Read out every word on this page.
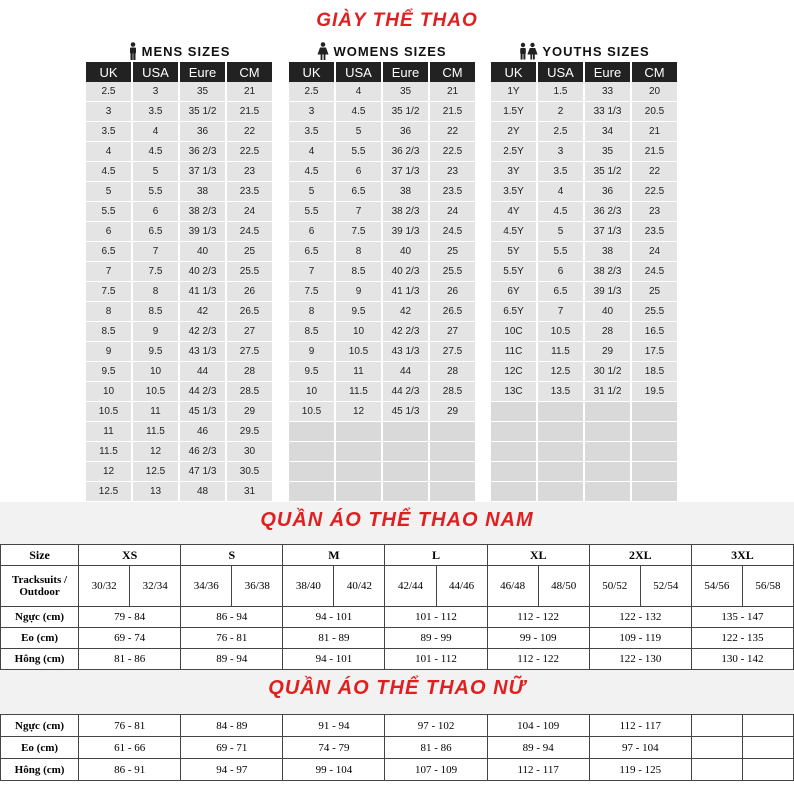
GIÀY THỂ THAO
MENS SIZES
UK	USA	Eure	CM
2.5	3	35	21
3	3.5	35 1/2	21.5
3.5	4	36	22
4	4.5	36 2/3	22.5
4.5	5	37 1/3	23
5	5.5	38	23.5
5.5	6	38 2/3	24
6	6.5	39 1/3	24.5
6.5	7	40	25
7	7.5	40 2/3	25.5
7.5	8	41 1/3	26
8	8.5	42	26.5
8.5	9	42 2/3	27
9	9.5	43 1/3	27.5
9.5	10	44	28
10	10.5	44 2/3	28.5
10.5	11	45 1/3	29
11	11.5	46	29.5
11.5	12	46 2/3	30
12	12.5	47 1/3	30.5
12.5	13	48	31

WOMENS SIZES
UK	USA	Eure	CM
2.5	4	35	21
3	4.5	35 1/2	21.5
3.5	5	36	22
4	5.5	36 2/3	22.5
4.5	6	37 1/3	23
5	6.5	38	23.5
5.5	7	38 2/3	24
6	7.5	39 1/3	24.5
6.5	8	40	25
7	8.5	40 2/3	25.5
7.5	9	41 1/3	26
8	9.5	42	26.5
8.5	10	42 2/3	27
9	10.5	43 1/3	27.5
9.5	11	44	28
10	11.5	44 2/3	28.5
10.5	12	45 1/3	29

YOUTHS SIZES
UK	USA	Eure	CM
1Y	1.5	33	20
1.5Y	2	33 1/3	20.5
2Y	2.5	34	21
2.5Y	3	35	21.5
3Y	3.5	35 1/2	22
3.5Y	4	36	22.5
4Y	4.5	36 2/3	23
4.5Y	5	37 1/3	23.5
5Y	5.5	38	24
5.5Y	6	38 2/3	24.5
6Y	6.5	39 1/3	25
6.5Y	7	40	25.5
10C	10.5	28	16.5
11C	11.5	29	17.5
12C	12.5	30 1/2	18.5
13C	13.5	31 1/2	19.5

QUẦN ÁO THỂ THAO NAM
Size	XS		S		M		L		XL		2XL		3XL	
Tracksuits / Outdoor	30/32	32/34	34/36	36/38	38/40	40/42	42/44	44/46	46/48	48/50	50/52	52/54	54/56	56/58
Ngực (cm)	79 - 84		86 - 94		94 - 101		101 - 112		112 - 122		122 - 132		135 - 147	
Eo (cm)	69 - 74		76 - 81		81 - 89		89 - 99		99 - 109		109 - 119		122 - 135	
Hông (cm)	81 - 86		89 - 94		94 - 101		101 - 112		112 - 122		122 - 130		130 - 142	
QUẦN ÁO THỂ THAO NỮ
Ngực (cm)	76 - 81	84 - 89	91 - 94	97 - 102	104 - 109	112 - 117		
Eo (cm)	61 - 66	69 - 71	74 - 79	81 - 86	89 - 94	97 - 104		
Hông (cm)	86 - 91	94 - 97	99 - 104	107 - 109	112 - 117	119 - 125		
